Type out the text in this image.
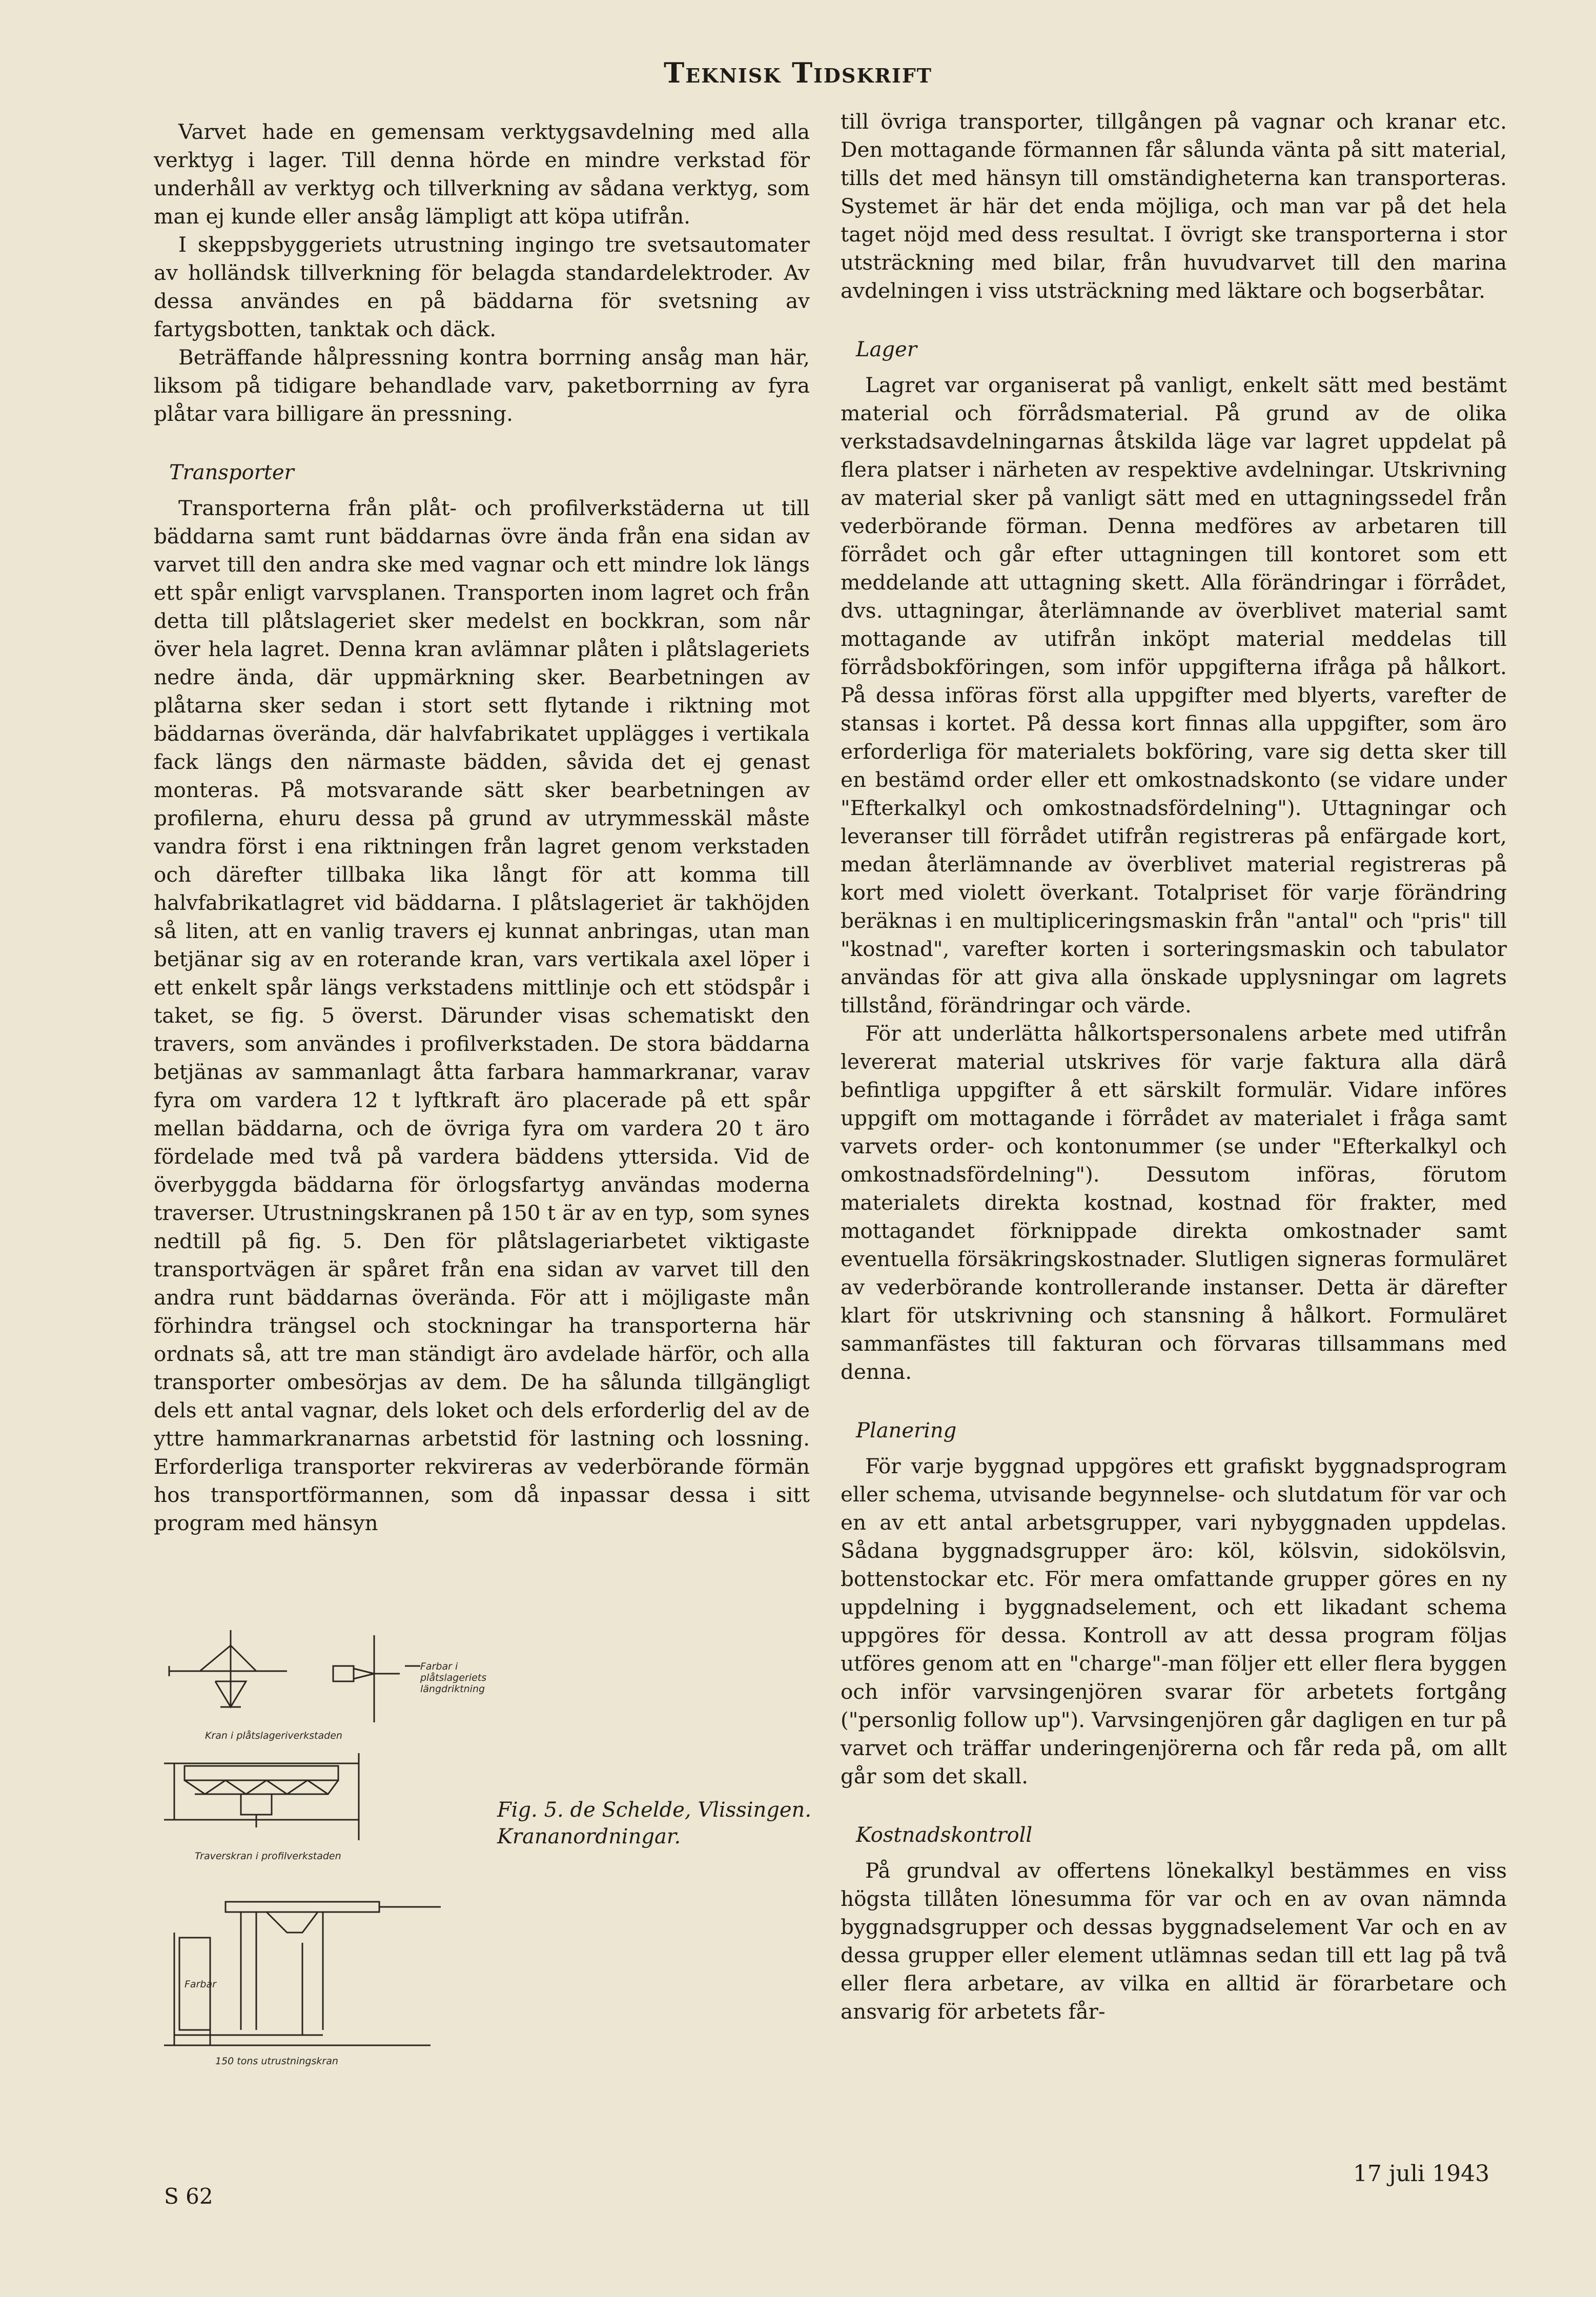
Teknisk Tidskrift

Varvet hade en gemensam verktygsavdelning med alla verktyg i lager. Till denna hörde en mindre verkstad för underhåll av verktyg och tillverkning av sådana verktyg, som man ej kunde eller ansåg lämpligt att köpa utifrån.

I skeppsbyggeriets utrustning ingingo tre svetsautomater av holländsk tillverkning för belagda standardelektroder. Av dessa användes en på bäddarna för svetsning av fartygsbotten, tanktak och däck.

Beträffande hålpressning kontra borrning ansåg man här, liksom på tidigare behandlade varv, paketborrning av fyra plåtar vara billigare än pressning.

Transporter

Transporterna från plåt- och profilverkstäderna ut till bäddarna samt runt bäddarnas övre ända från ena sidan av varvet till den andra ske med vagnar och ett mindre lok längs ett spår enligt varvsplanen. Transporten inom lagret och från detta till plåtslageriet sker medelst en bockkran, som når över hela lagret. Denna kran avlämnar plåten i plåtslageriets nedre ända, där uppmärkning sker. Bearbetningen av plåtarna sker sedan i stort sett flytande i riktning mot bäddarnas överända, där halvfabrikatet uppläggеs i vertikala fack längs den närmaste bädden, såvida det ej genast monteras. På motsvarande sätt sker bearbetningen av profilerna, ehuru dessa på grund av utrymmesskäl måste vandra först i ena riktningen från lagret genom verkstaden och därefter tillbaka lika långt för att komma till halvfabrikatlagret vid bäddarna. I plåtslageriet är takhöjden så liten, att en vanlig travers ej kunnat anbringas, utan man betjänar sig av en roterande kran, vars vertikala axel löper i ett enkelt spår längs verkstadens mittlinje och ett stödspår i taket, se fig. 5 överst. Därunder visas schematiskt den travers, som användes i profilverkstaden. De stora bäddarna betjänas av sammanlagt åtta farbara hammarkranar, varav fyra om vardera 12 t lyftkraft äro placerade på ett spår mellan bäddarna, och de övriga fyra om vardera 20 t äro fördelade med två på vardera bäddens yttersida. Vid de överbyggda bäddarna för örlogsfartyg användas moderna traverser. Utrustningskranen på 150 t är av en typ, som synes nedtill på fig. 5. Den för plåtslageriarbetet viktigaste transportvägen är spåret från ena sidan av varvet till den andra runt bäddarnas överända. För att i möjligaste mån förhindra trängsel och stockningar ha transporterna här ordnats så, att tre man ständigt äro avdelade härför, och alla transporter ombesörjas av dem. De ha sålunda tillgängligt dels ett antal vagnar, dels loket och dels erforderlig del av de yttre hammarkranarnas arbetstid för lastning och lossning. Erforderliga transporter rekvireras av vederbörande förmän hos transportförmannen, som då inpassar dessa i sitt program med hänsyn

till övriga transporter, tillgången på vagnar och kranar etc. Den mottagande förmannen får sålunda vänta på sitt material, tills det med hänsyn till omständigheterna kan transporteras. Systemet är här det enda möjliga, och man var på det hela taget nöjd med dess resultat. I övrigt ske transporterna i stor utsträckning med bilar, från huvudvarvet till den marina avdelningen i viss utsträckning med läktare och bogserbåtar.

Lager

Lagret var organiserat på vanligt, enkelt sätt med bestämt material och förrådsmaterial. På grund av de olika verkstadsavdelningarnas åtskilda läge var lagret uppdelat på flera platser i närheten av respektive avdelningar. Utskrivning av material sker på vanligt sätt med en uttagningssedel från vederbörande förman. Denna medföres av arbetaren till förrådet och går efter uttagningen till kontoret som ett meddelande att uttagning skett. Alla förändringar i förrådet, dvs. uttagningar, återlämnande av överblivet material samt mottagande av utifrån inköpt material meddelas till förrådsbokföringen, som inför uppgifterna ifråga på hålkort. På dessa införas först alla uppgifter med blyerts, varefter de stansas i kortet. På dessa kort finnas alla uppgifter, som äro erforderliga för materialets bokföring, vare sig detta sker till en bestämd order eller ett omkostnadskonto (se vidare under "Efterkalkyl och omkostnadsfördelning"). Uttagningar och leveranser till förrådet utifrån registreras på enfärgade kort, medan återlämnande av överblivet material registreras på kort med violett överkant. Totalpriset för varje förändring beräknas i en multipliceringsmaskin från "antal" och "pris" till "kostnad", varefter korten i sorteringsmaskin och tabulator användas för att giva alla önskade upplysningar om lagrets tillstånd, förändringar och värde.

För att underlätta hålkortspersonalens arbete med utifrån levererat material utskrives för varje faktura alla därå befintliga uppgifter å ett särskilt formulär. Vidare införes uppgift om mottagande i förrådet av materialet i fråga samt varvets order- och kontonummer (se under "Efterkalkyl och omkostnadsfördelning"). Dessutom införas, förutom materialets direkta kostnad, kostnad för frakter, med mottagandet förknippade direkta omkostnader samt eventuella försäkringskostnader. Slutligen signeras formuläret av vederbörande kontrollerande instanser. Detta är därefter klart för utskrivning och stansning å hålkort. Formuläret sammanfästes till fakturan och förvaras tillsammans med denna.

Planering

För varje byggnad uppgöres ett grafiskt byggnadsprogram eller schema, utvisande begynnelse- och slutdatum för var och en av ett antal arbetsgrupper, vari nybyggnaden uppdelas. Sådana byggnadsgrupper äro: köl, kölsvin, sidokölsvin, bottenstockar etc. För mera omfattande grupper göres en ny uppdelning i byggnadselement, och ett likadant schema uppgöres för dessa. Kontroll av att dessa program följas utföres genom att en "charge"-man följer ett eller flera byggen och inför varvsingenjören svarar för arbetets fortgång ("personlig follow up"). Varvsingenjören går dagligen en tur på varvet och träffar underingenjörerna och får reda på, om allt går som det skall.

Kostnadskontroll

På grundval av offertens lönekalkyl bestämmes en viss högsta tillåten lönesumma för var och en av ovan nämnda byggnadsgrupper och dessas byggnadselement Var och en av dessa grupper eller element utlämnas sedan till ett lag på två eller flera arbetare, av vilka en alltid är förarbetare och ansvarig för arbetets får-

Farbar i plåtslageriets längdriktning
Kran i plåtslageriverkstaden
Traverskran i profilverkstaden
Farbar
150 tons utrustningskran
Fig. 5. de Schelde, Vlissingen.
Krananordningar.
S 62
17 juli 1943
